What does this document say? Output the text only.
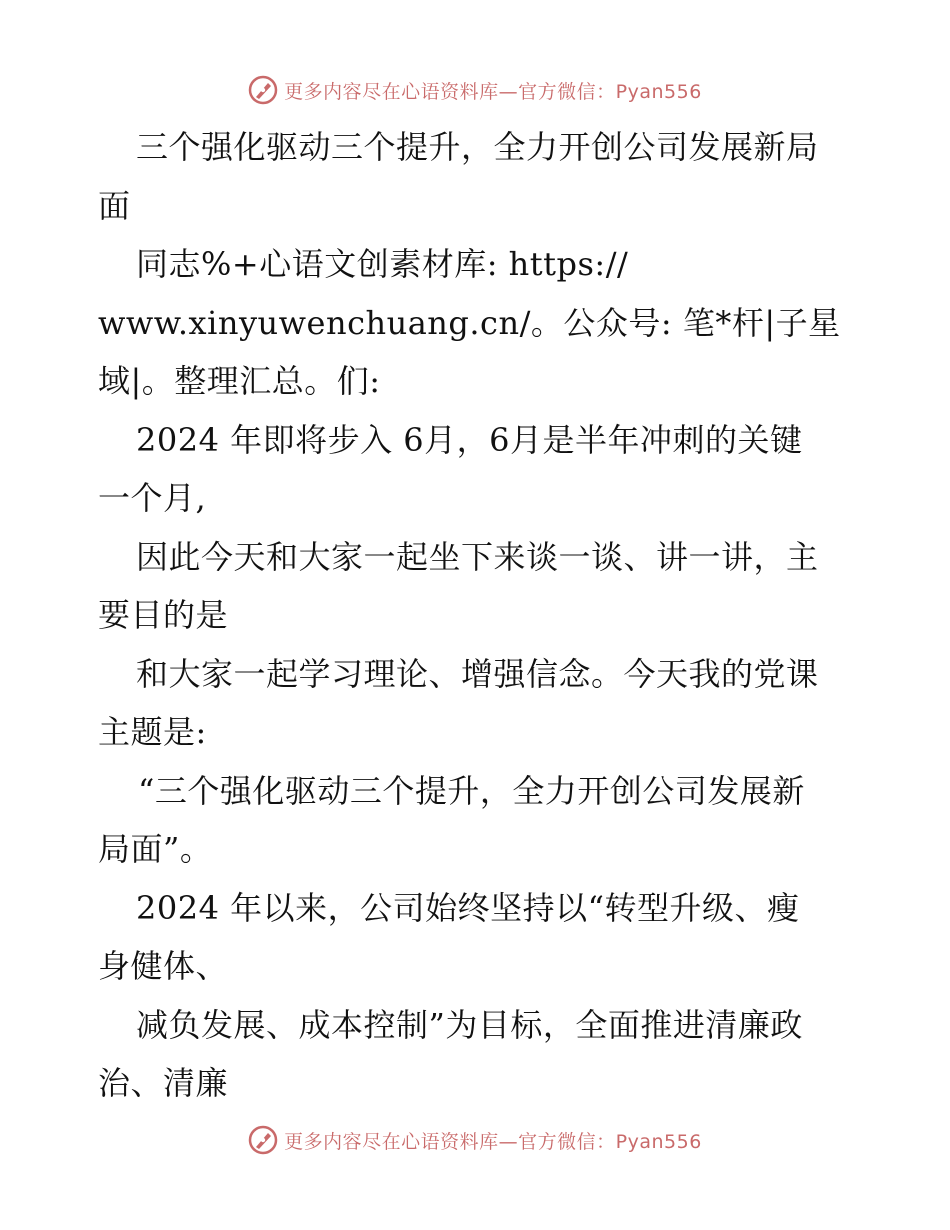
更多内容尽在心语资料库—官方微信：Pyan556
三个强化驱动三个提升，全力开创公司发展新局
面
同志%+心语文创素材库: https://
www.xinyuwenchuang.cn/。公众号: 笔*杆|子星
域|。整理汇总。们:
2024 年即将步入 6月，6月是半年冲刺的关键
一个月,
因此今天和大家一起坐下来谈一谈、讲一讲，主
要目的是
和大家一起学习理论、增强信念。今天我的党课
主题是:
“三个强化驱动三个提升，全力开创公司发展新
局面”。
2024 年以来，公司始终坚持以“转型升级、瘦
身健体、
减负发展、成本控制”为目标，全面推进清廉政
治、清廉
更多内容尽在心语资料库—官方微信：Pyan556
